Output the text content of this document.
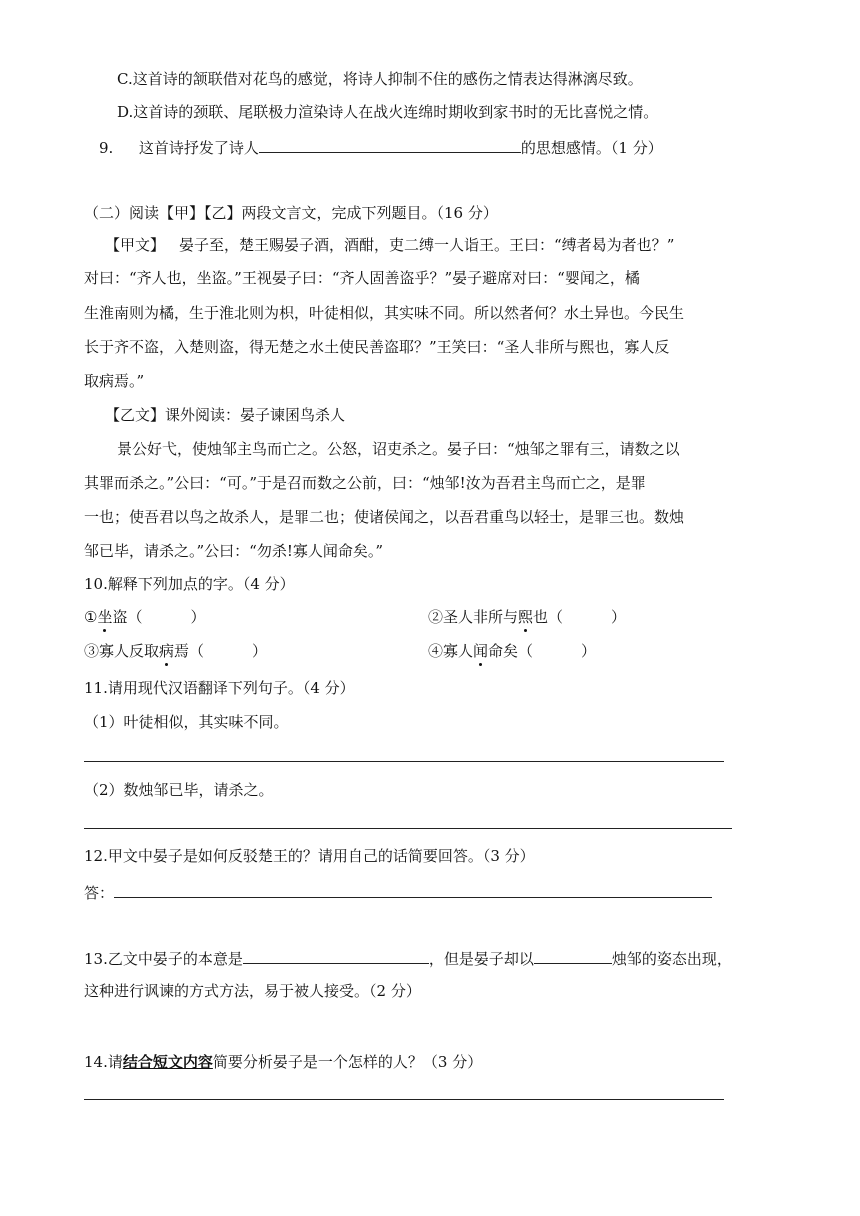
C.这首诗的颔联借对花鸟的感觉，将诗人抑制不住的感伤之情表达得淋漓尽致。
D.这首诗的颈联、尾联极力渲染诗人在战火连绵时期收到家书时的无比喜悦之情。
9. 这首诗抒发了诗人	的思想感情。（1 分）
（二）阅读【甲】【乙】两段文言文，完成下列题目。（16 分）
【甲文】 晏子至，楚王赐晏子酒，酒酣，吏二缚一人诣王。王曰：“缚者曷为者也？”
对曰：“齐人也，坐盗。”王视晏子曰：“齐人固善盗乎？”晏子避席对曰：“婴闻之，橘
生淮南则为橘，生于淮北则为枳，叶徒相似，其实味不同。所以然者何？水土异也。今民生
长于齐不盗，入楚则盗，得无楚之水土使民善盗耶？”王笑曰：“圣人非所与熙也，寡人反
取病焉。”
【乙文】课外阅读：晏子谏囷鸟杀人
景公好弋，使烛邹主鸟而亡之。公怒，诏吏杀之。晏子曰：“烛邹之罪有三，请数之以
其罪而杀之。”公曰：“可。”于是召而数之公前，曰：“烛邹!汝为吾君主鸟而亡之，是罪
一也；使吾君以鸟之故杀人，是罪二也；使诸侯闻之，以吾君重鸟以轻士，是罪三也。数烛
邹已毕，请杀之。”公曰：“勿杀!寡人闻命矣。”
10.解释下列加点的字。（4 分）
①坐盗（	）	②圣人非所与熙也（	）
③寡人反取病焉（	）	④寡人闻命矣（	）
11.请用现代汉语翻译下列句子。（4 分）
（1）叶徒相似，其实味不同。
（2）数烛邹已毕，请杀之。
12.甲文中晏子是如何反驳楚王的？请用自己的话简要回答。（3 分）
答：
13.乙文中晏子的本意是	，但是晏子却以	烛邹的姿态出现，
这种进行讽谏的方式方法，易于被人接受。（2 分）
14.请结合短文内容简要分析晏子是一个怎样的人？（3 分）
